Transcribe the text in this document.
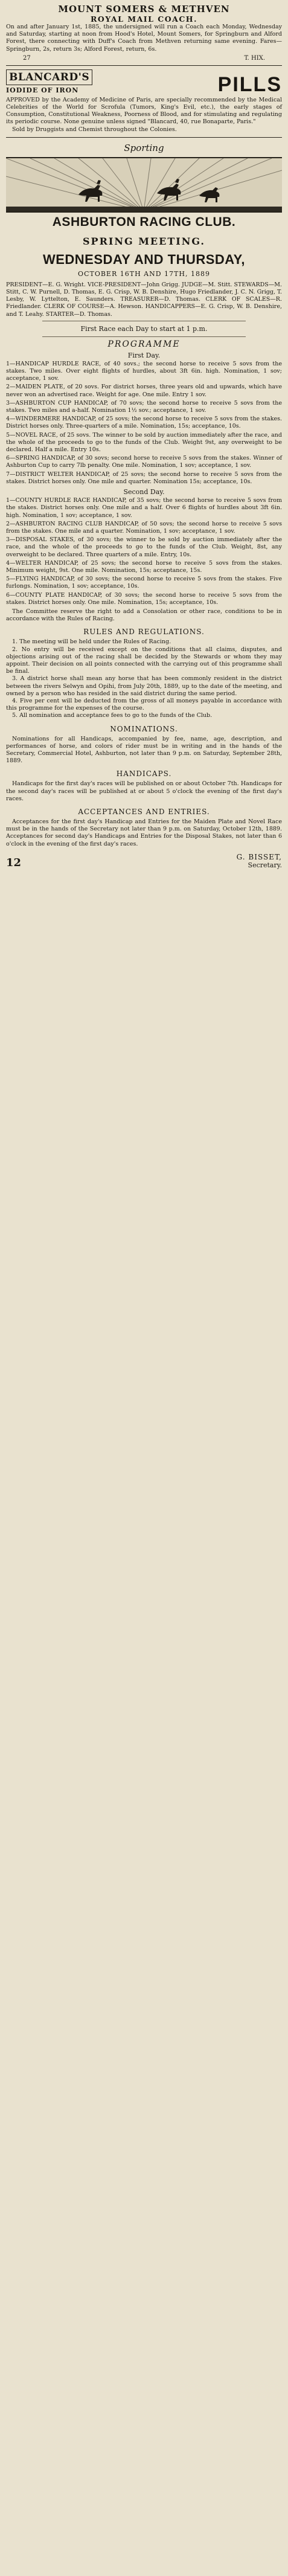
MOUNT SOMERS & METHVEN

ROYAL MAIL COACH.

On and after January 1st, 1885, the undersigned will run a Coach each Monday, Wednesday and Saturday, starting at noon from Hood's Hotel, Mount Somers, for Springburn and Alford Forest, there connecting with Duff's Coach from Methven returning same evening. Fares—Springburn, 2s, return 3s; Alford Forest, return, 6s.

27	T. HIX.
BLANCARD'S
IODIDE OF IRON	PILLS

APPROVED by the Academy of Medicine of Paris, are specially recommended by the Medical Celebrities of the World for Scrofula (Tumors, King's Evil, etc.), the early stages of Consumption, Constitutional Weakness, Poorness of Blood, and for stimulating and regulating its periodic course. None genuine unless signed "Blancard, 40, rue Bonaparte, Paris."

Sold by Druggists and Chemist throughout the Colonies.

Sporting
ASHBURTON RACING CLUB.
SPRING MEETING.
WEDNESDAY AND THURSDAY,
OCTOBER 16TH AND 17TH, 1889

PRESIDENT—E. G. Wright. VICE-PRESIDENT—John Grigg. JUDGE—M. Stitt. STEWARDS—M. Stitt, C. W. Purnell, D. Thomas, E. G. Crisp, W. B. Denshire, Hugo Friedlander, J. C. N. Grigg, T. Lesby, W. Lyttelton, E. Saunders. TREASURER—D. Thomas. CLERK OF SCALES—R. Friedlander. CLERK OF COURSE—A. Hewson. HANDICAPPERS—E. G. Crisp, W. B. Denshire, and T. Leahy. STARTER—D. Thomas.

First Race each Day to start at 1 p.m.

PROGRAMME
First Day.

1—HANDICAP HURDLE RACE, of 40 sovs.; the second horse to receive 5 sovs from the stakes. Two miles. Over eight flights of hurdles, about 3ft 6in. high. Nomination, 1 sov; acceptance, 1 sov.

2—MAIDEN PLATE, of 20 sovs. For district horses, three years old and upwards, which have never won an advertised race. Weight for age. One mile. Entry 1 sov.

3—ASHBURTON CUP HANDICAP, of 70 sovs; the second horse to receive 5 sovs from the stakes. Two miles and a-half. Nomination 1½ sov.; acceptance, 1 sov.

4—WINDERMERE HANDICAP, of 25 sovs; the second horse to receive 5 sovs from the stakes. District horses only. Three-quarters of a mile. Nomination, 15s; acceptance, 10s.

5—NOVEL RACE, of 25 sovs. The winner to be sold by auction immediately after the race, and the whole of the proceeds to go to the funds of the Club. Weight 9st, any overweight to be declared. Half a mile. Entry 10s.

6—SPRING HANDICAP, of 30 sovs; second horse to receive 5 sovs from the stakes. Winner of Ashburton Cup to carry 7lb penalty. One mile. Nomination, 1 sov; acceptance, 1 sov.

7—DISTRICT WELTER HANDICAP, of 25 sovs; the second horse to receive 5 sovs from the stakes. District horses only. One mile and quarter. Nomination 15s; acceptance, 10s.

Second Day.

1—COUNTY HURDLE RACE HANDICAP, of 35 sovs; the second horse to receive 5 sovs from the stakes. District horses only. One mile and a half. Over 6 flights of hurdles about 3ft 6in. high. Nomination, 1 sov; acceptance, 1 sov.

2—ASHBURTON RACING CLUB HANDICAP, of 50 sovs; the second horse to receive 5 sovs from the stakes. One mile and a quarter. Nomination, 1 sov; acceptance, 1 sov.

3—DISPOSAL STAKES, of 30 sovs; the winner to be sold by auction immediately after the race, and the whole of the proceeds to go to the funds of the Club. Weight, 8st, any overweight to be declared. Three quarters of a mile. Entry, 10s.

4—WELTER HANDICAP, of 25 sovs; the second horse to receive 5 sovs from the stakes. Minimum weight, 9st. One mile. Nomination, 15s; acceptance, 15s.

5—FLYING HANDICAP, of 30 sovs; the second horse to receive 5 sovs from the stakes. Five furlongs. Nomination, 1 sov; acceptance, 10s.

6—COUNTY PLATE HANDICAP, of 30 sovs; the second horse to receive 5 sovs from the stakes. District horses only. One mile. Nomination, 15s; acceptance, 10s.

The Committee reserve the right to add a Consolation or other race, conditions to be in accordance with the Rules of Racing.

RULES AND REGULATIONS.

1. The meeting will be held under the Rules of Racing.

2. No entry will be received except on the conditions that all claims, disputes, and objections arising out of the racing shall be decided by the Stewards or whom they may appoint. Their decision on all points connected with the carrying out of this programme shall be final.

3. A district horse shall mean any horse that has been commonly resident in the district between the rivers Selwyn and Opihi, from July 20th, 1889, up to the date of the meeting, and owned by a person who has resided in the said district during the same period.

4. Five per cent will be deducted from the gross of all moneys payable in accordance with this programme for the expenses of the course.

5. All nomination and acceptance fees to go to the funds of the Club.

NOMINATIONS.

Nominations for all Handicaps, accompanied by fee, name, age, description, and performances of horse, and colors of rider must be in writing and in the hands of the Secretary, Commercial Hotel, Ashburton, not later than 9 p.m. on Saturday, September 28th, 1889.

HANDICAPS.

Handicaps for the first day's races will be published on or about October 7th. Handicaps for the second day's races will be published at or about 5 o'clock the evening of the first day's races.

ACCEPTANCES AND ENTRIES.

Acceptances for the first day's Handicap and Entries for the Maiden Plate and Novel Race must be in the hands of the Secretary not later than 9 p.m. on Saturday, October 12th, 1889. Acceptances for second day's Handicaps and Entries for the Disposal Stakes, not later than 6 o'clock in the evening of the first day's races.

12	G. BISSET,
Secretary.
